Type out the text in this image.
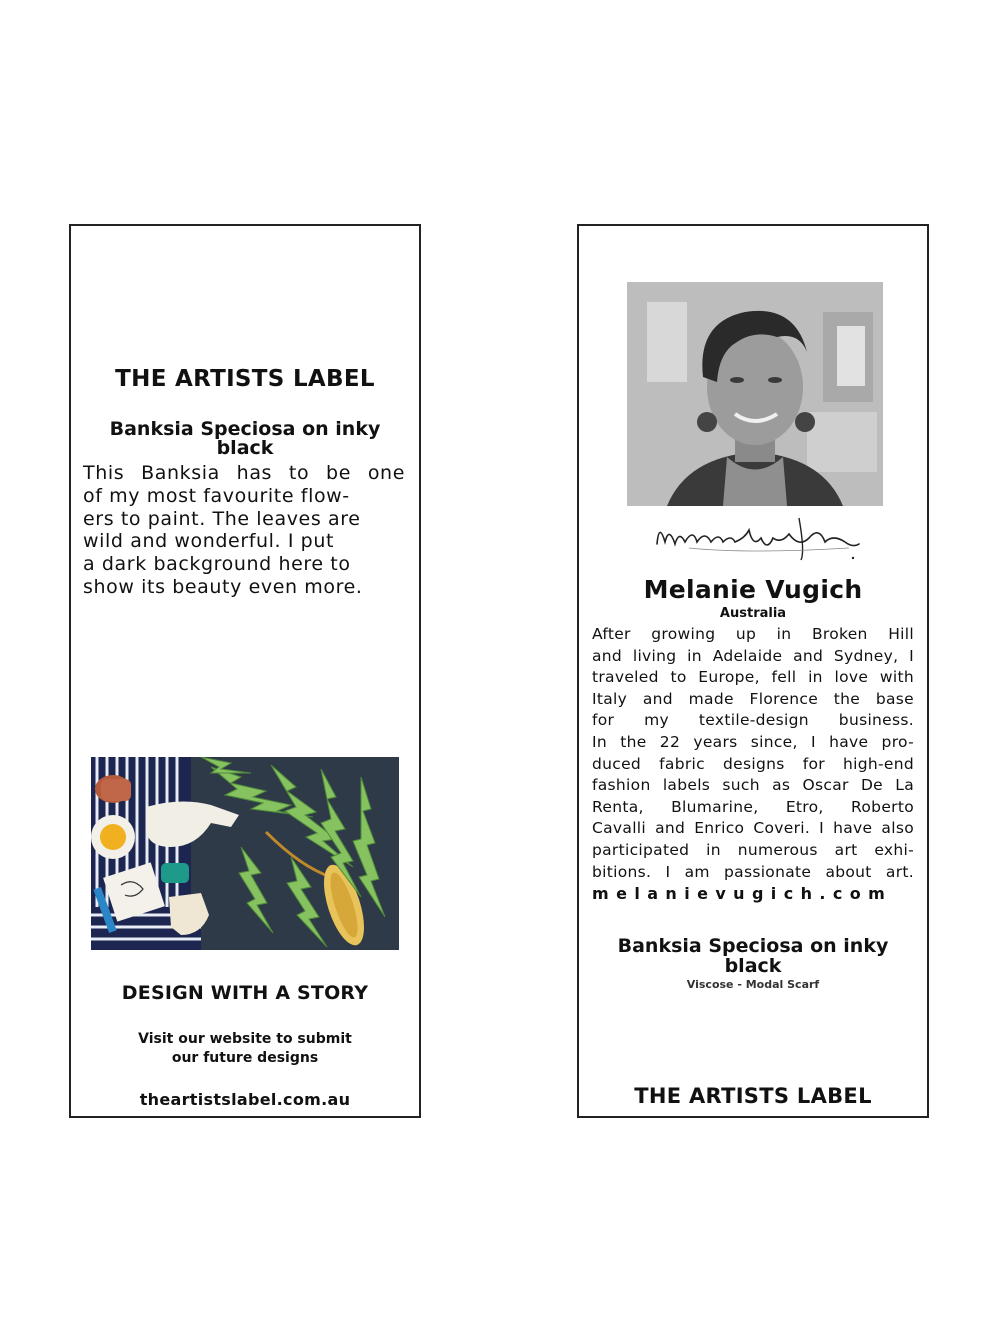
THE ARTISTS LABEL
Banksia Speciosa on inky
black
This Banksia has to be one
of my most favourite flow-
ers to paint. The leaves are
wild and wonderful. I put
a dark background here to
show its beauty even more.
DESIGN WITH A STORY
Visit our website to submit
our future designs
theartistslabel.com.au
Melanie Vugich
Australia
After growing up in Broken Hill
and living in Adelaide and Sydney, I
traveled to Europe, fell in love with
Italy and made Florence the base
for my textile-design business.
In the 22 years since, I have pro-
duced fabric designs for high-end
fashion labels such as Oscar De La
Renta, Blumarine, Etro, Roberto
Cavalli and Enrico Coveri. I have also
participated in numerous art exhi-
bitions. I am passionate about art.
melanievugich.com
Banksia Speciosa on inky
black
Viscose - Modal Scarf
THE ARTISTS LABEL
